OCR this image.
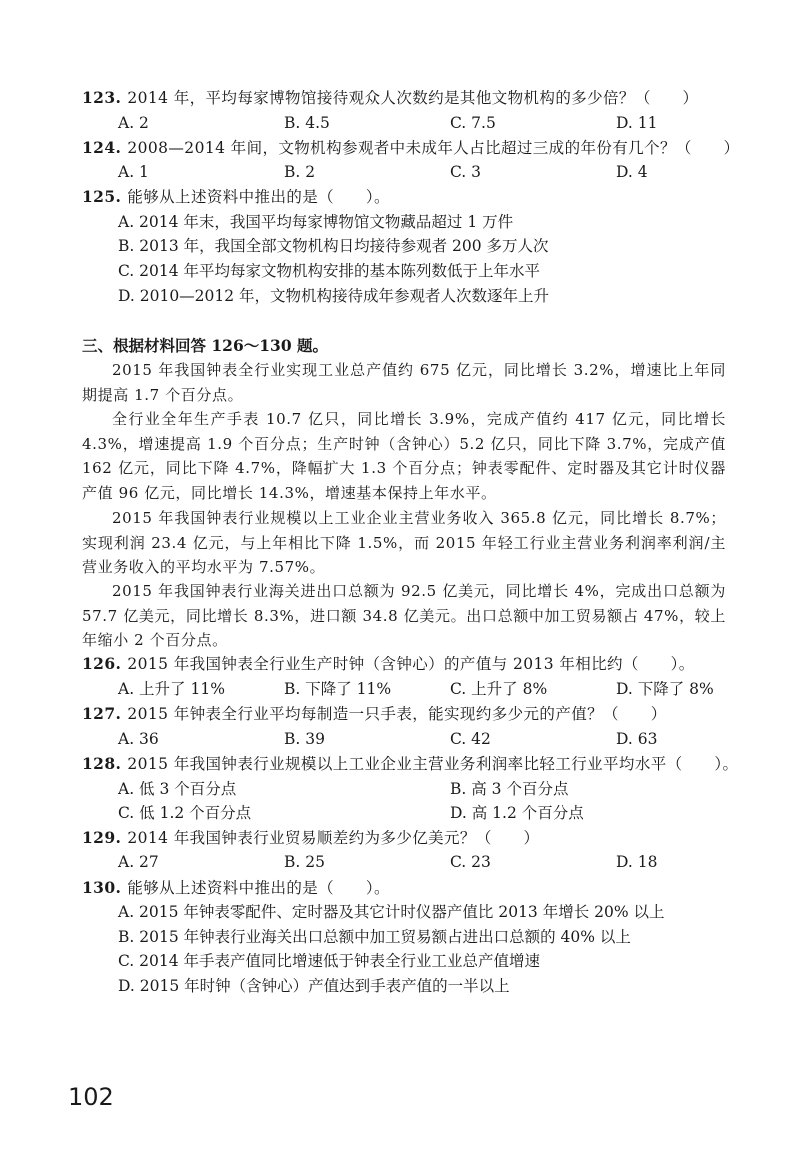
123. 2014 年，平均每家博物馆接待观众人次数约是其他文物机构的多少倍？（　　）
A. 2	B. 4.5	C. 7.5	D. 11
124. 2008—2014 年间，文物机构参观者中未成年人占比超过三成的年份有几个？（　　）
A. 1	B. 2	C. 3	D. 4
125. 能够从上述资料中推出的是（　　）。
A. 2014 年末，我国平均每家博物馆文物藏品超过 1 万件
B. 2013 年，我国全部文物机构日均接待参观者 200 多万人次
C. 2014 年平均每家文物机构安排的基本陈列数低于上年水平
D. 2010—2012 年，文物机构接待成年参观者人次数逐年上升
三、根据材料回答 126～130 题。
2015 年我国钟表全行业实现工业总产值约 675 亿元，同比增长 3.2%，增速比上年同期提高 1.7 个百分点。
全行业全年生产手表 10.7 亿只，同比增长 3.9%，完成产值约 417 亿元，同比增长 4.3%，增速提高 1.9 个百分点；生产时钟（含钟心）5.2 亿只，同比下降 3.7%，完成产值 162 亿元，同比下降 4.7%，降幅扩大 1.3 个百分点；钟表零配件、定时器及其它计时仪器产值 96 亿元，同比增长 14.3%，增速基本保持上年水平。
2015 年我国钟表行业规模以上工业企业主营业务收入 365.8 亿元，同比增长 8.7%；实现利润 23.4 亿元，与上年相比下降 1.5%，而 2015 年轻工行业主营业务利润率利润/主营业务收入的平均水平为 7.57%。
2015 年我国钟表行业海关进出口总额为 92.5 亿美元，同比增长 4%，完成出口总额为 57.7 亿美元，同比增长 8.3%，进口额 34.8 亿美元。出口总额中加工贸易额占 47%，较上年缩小 2 个百分点。
126. 2015 年我国钟表全行业生产时钟（含钟心）的产值与 2013 年相比约（　　）。
A. 上升了 11%	B. 下降了 11%	C. 上升了 8%	D. 下降了 8%
127. 2015 年钟表全行业平均每制造一只手表，能实现约多少元的产值？（　　）
A. 36	B. 39	C. 42	D. 63
128. 2015 年我国钟表行业规模以上工业企业主营业务利润率比轻工行业平均水平（　　）。
A. 低 3 个百分点	B. 高 3 个百分点
C. 低 1.2 个百分点	D. 高 1.2 个百分点
129. 2014 年我国钟表行业贸易顺差约为多少亿美元？（　　）
A. 27	B. 25	C. 23	D. 18
130. 能够从上述资料中推出的是（　　）。
A. 2015 年钟表零配件、定时器及其它计时仪器产值比 2013 年增长 20% 以上
B. 2015 年钟表行业海关出口总额中加工贸易额占进出口总额的 40% 以上
C. 2014 年手表产值同比增速低于钟表全行业工业总产值增速
D. 2015 年时钟（含钟心）产值达到手表产值的一半以上
102
